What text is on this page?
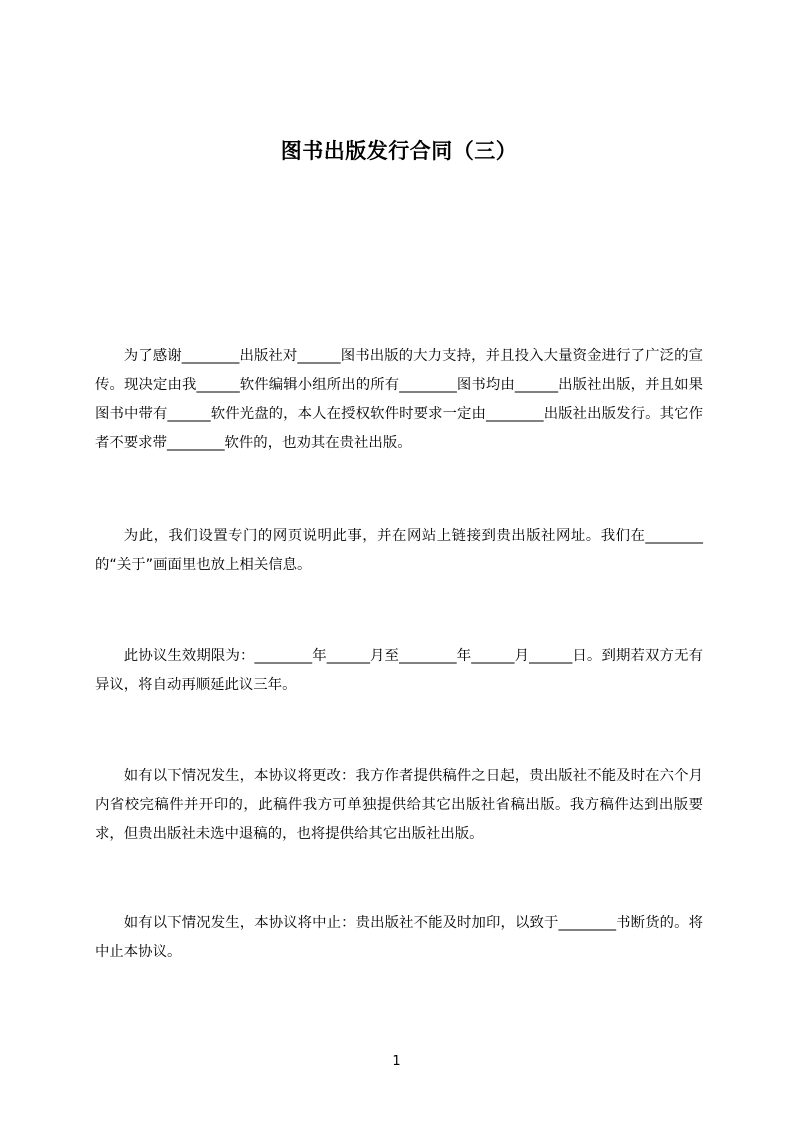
图书出版发行合同（三）
为了感谢________出版社对______图书出版的大力支持，并且投入大量资金进行了广泛的宣传。现决定由我______软件编辑小组所出的所有________图书均由______出版社出版，并且如果图书中带有______软件光盘的，本人在授权软件时要求一定由________出版社出版发行。其它作者不要求带________软件的，也劝其在贵社出版。
为此，我们设置专门的网页说明此事，并在网站上链接到贵出版社网址。我们在________的“关于”画面里也放上相关信息。
此协议生效期限为：________年______月至________年______月______日。到期若双方无有异议，将自动再顺延此议三年。
如有以下情况发生，本协议将更改：我方作者提供稿件之日起，贵出版社不能及时在六个月内省校完稿件并开印的，此稿件我方可单独提供给其它出版社省稿出版。我方稿件达到出版要求，但贵出版社未选中退稿的，也将提供给其它出版社出版。
如有以下情况发生，本协议将中止：贵出版社不能及时加印，以致于________书断货的。将中止本协议。
1
